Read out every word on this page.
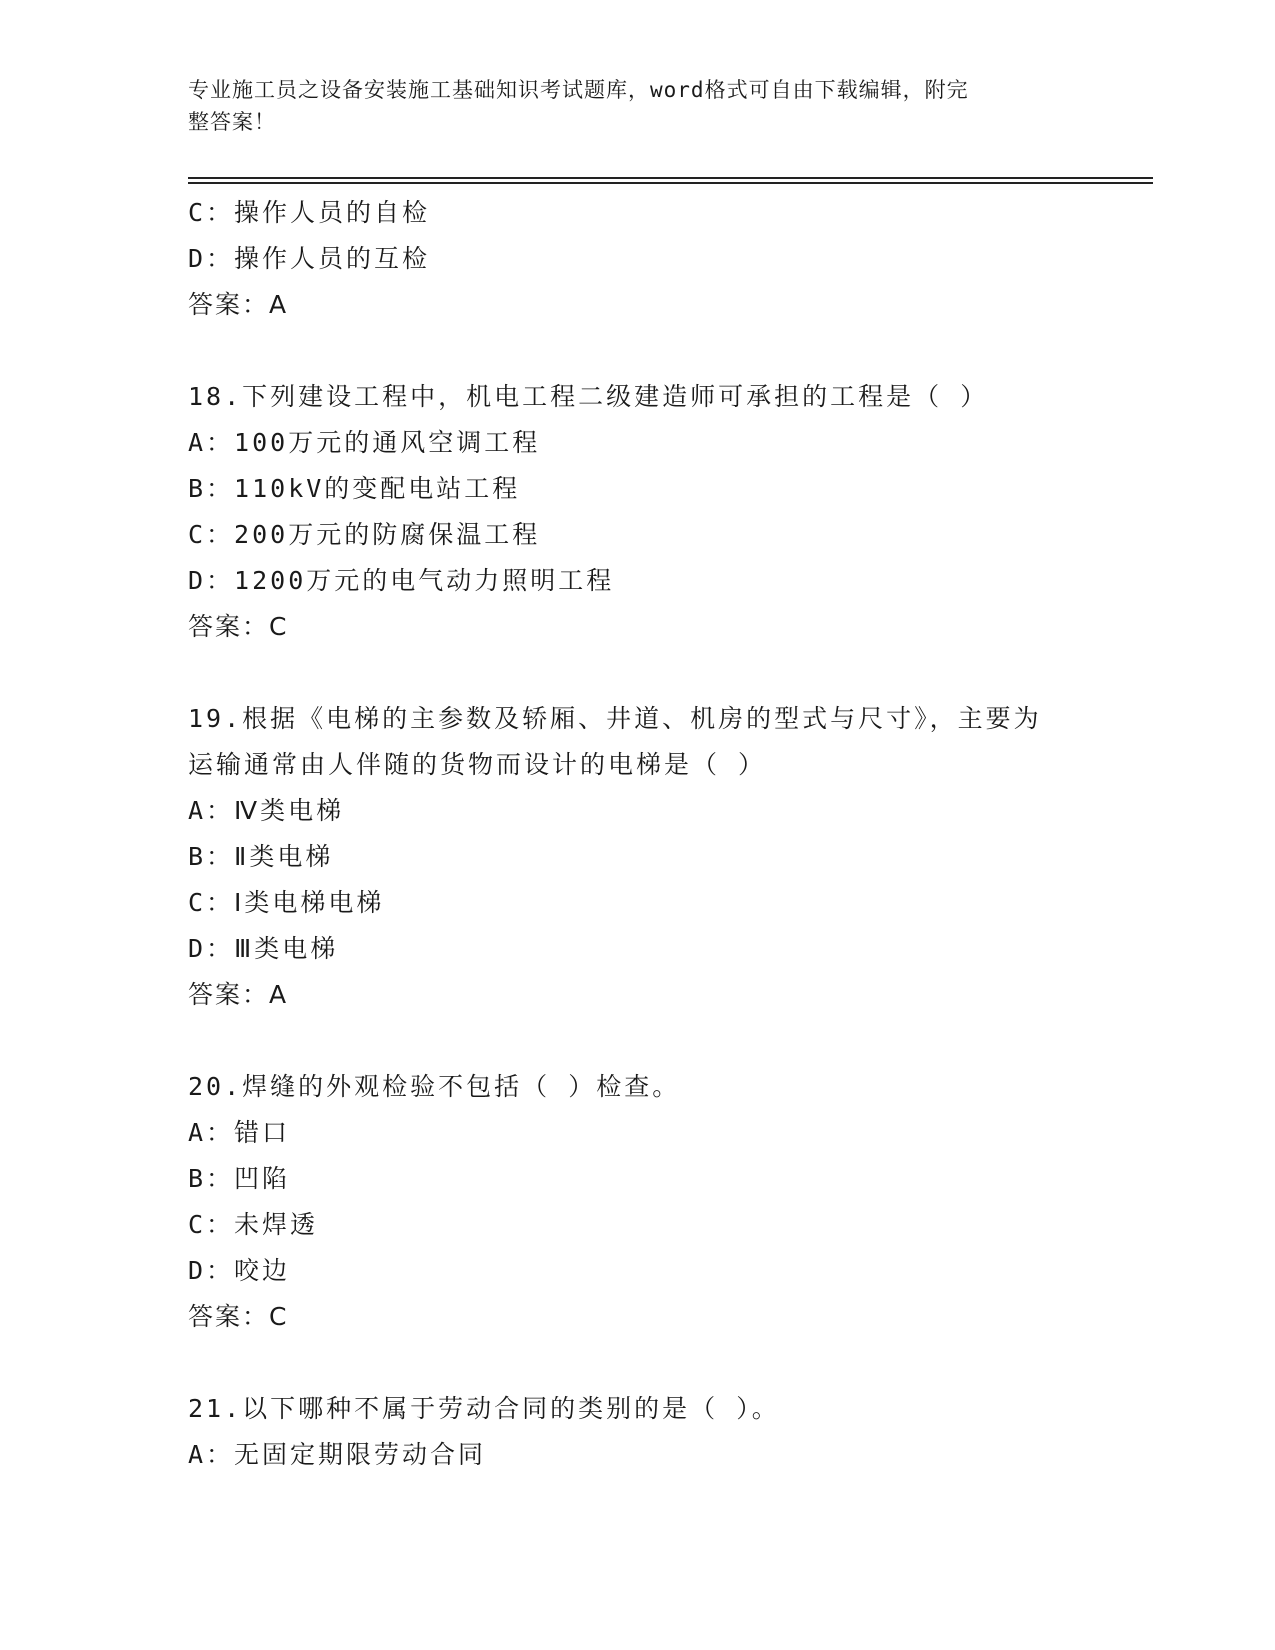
专业施工员之设备安装施工基础知识考试题库，word格式可自由下载编辑，附完
整答案！
C：操作人员的自检
D：操作人员的互检
答案：A
18.下列建设工程中，机电工程二级建造师可承担的工程是（ ）
A：100万元的通风空调工程
B：110kV的变配电站工程
C：200万元的防腐保温工程
D：1200万元的电气动力照明工程
答案：C
19.根据《电梯的主参数及轿厢、井道、机房的型式与尺寸》，主要为
运输通常由人伴随的货物而设计的电梯是（ ）
A：Ⅳ类电梯
B：Ⅱ类电梯
C：Ⅰ类电梯电梯
D：Ⅲ类电梯
答案：A
20.焊缝的外观检验不包括（ ）检查。
A：错口
B：凹陷
C：未焊透
D：咬边
答案：C
21.以下哪种不属于劳动合同的类别的是（ ）。
A：无固定期限劳动合同
